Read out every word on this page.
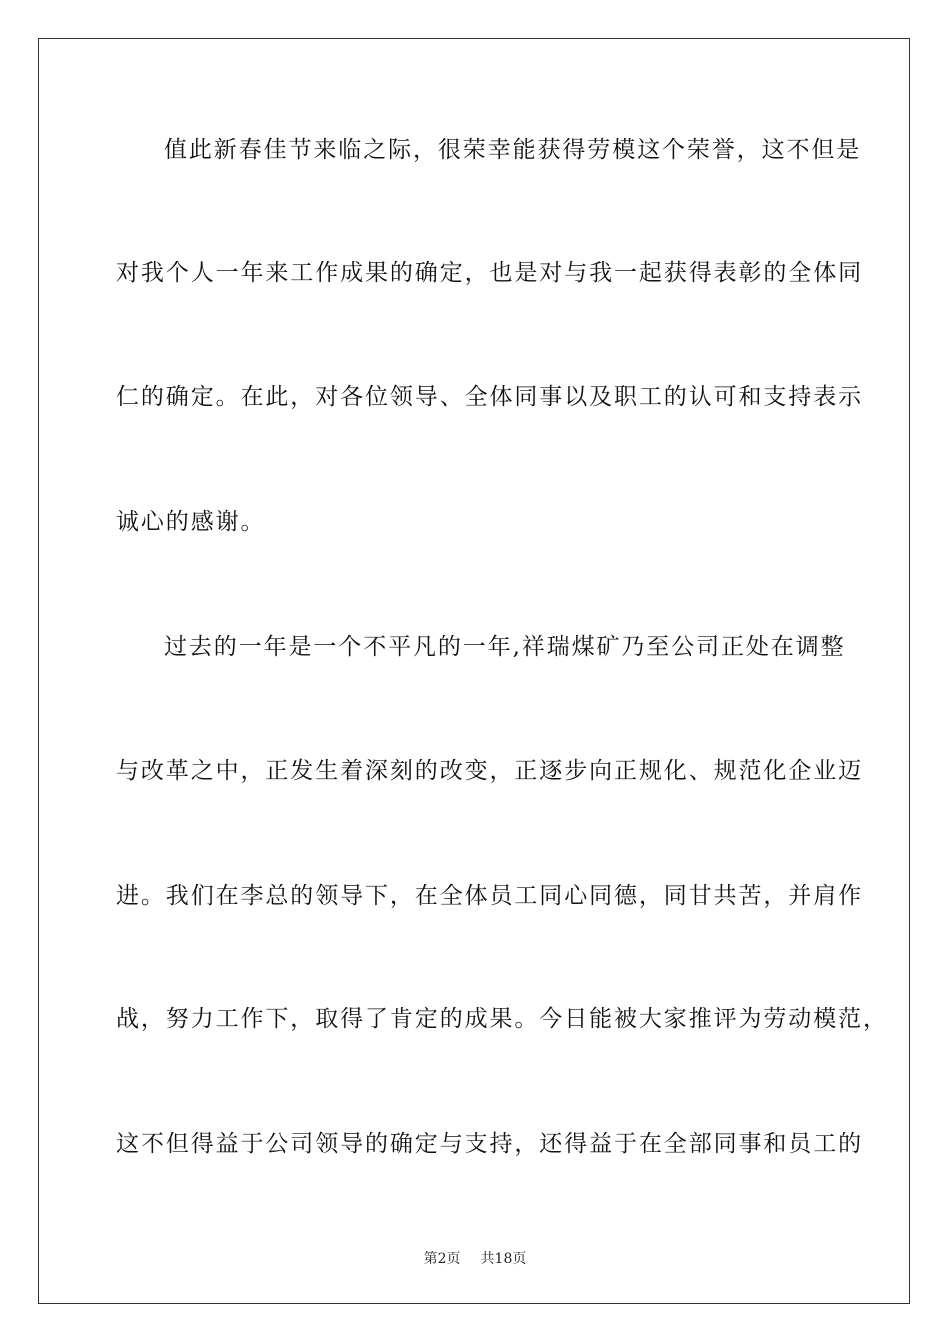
值此新春佳节来临之际，很荣幸能获得劳模这个荣誉，这不但是
对我个人一年来工作成果的确定，也是对与我一起获得表彰的全体同
仁的确定。在此，对各位领导、全体同事以及职工的认可和支持表示
诚心的感谢。
过去的一年是一个不平凡的一年,祥瑞煤矿乃至公司正处在调整
与改革之中，正发生着深刻的改变，正逐步向正规化、规范化企业迈
进。我们在李总的领导下，在全体员工同心同德，同甘共苦，并肩作
战，努力工作下，取得了肯定的成果。今日能被大家推评为劳动模范，
这不但得益于公司领导的确定与支持，还得益于在全部同事和员工的
第2页 共18页
